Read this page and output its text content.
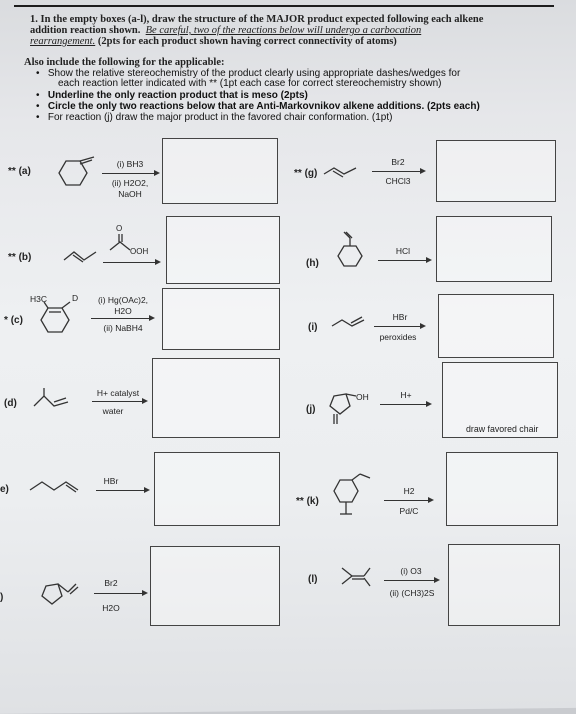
1. In the empty boxes (a-l), draw the structure of the MAJOR product expected following each alkene
addition reaction shown. Be careful, two of the reactions below will undergo a carbocation
rearrangement. (2pts for each product shown having correct connectivity of atoms)
Also include the following for the applicable:
•   Show the relative stereochemistry of the product clearly using appropriate dashes/wedges for
each reaction letter indicated with ** (1pt each case for correct stereochemistry shown)
•   Underline the only reaction product that is meso (2pts)
•   Circle the only two reactions below that are Anti-Markovnikov alkene additions. (2pts each)
•   For reaction (j) draw the major product in the favored chair conformation. (1pt)
** (a)
(i) BH3
(ii) H2O2,
NaOH
** (b)
O
OOH
* (c)
H3C	D	(i) Hg(OAc)2,
H2O
(ii) NaBH4
(d)
H+ catalyst
water
e)
HBr
)
Br2
H2O
** (g)
Br2
CHCl3
(h)
HCl
(i)
HBr
peroxides
(j)
OH	H+
draw favored chair
** (k)
H2
Pd/C
(l)
(i) O3
(ii) (CH3)2S
